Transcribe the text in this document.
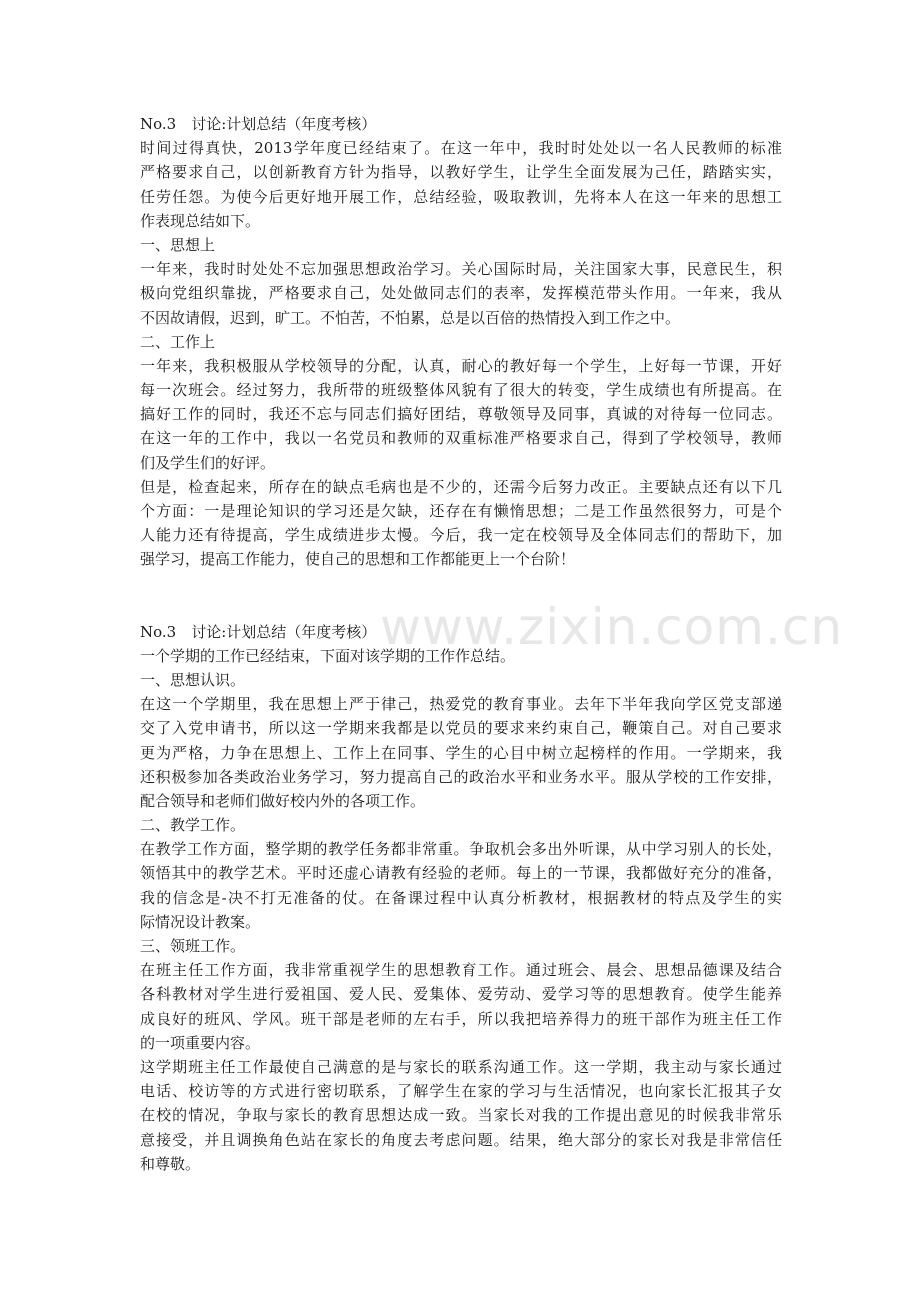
www.zixin.com.cn
No.3　讨论:计划总结（年度考核）
时间过得真快，2013学年度已经结束了。在这一年中，我时时处处以一名人民教师的标准
严格要求自己，以创新教育方针为指导，以教好学生，让学生全面发展为己任，踏踏实实，
任劳任怨。为使今后更好地开展工作，总结经验，吸取教训，先将本人在这一年来的思想工
作表现总结如下。
一、思想上
一年来，我时时处处不忘加强思想政治学习。关心国际时局，关注国家大事，民意民生，积
极向党组织靠拢，严格要求自己，处处做同志们的表率，发挥模范带头作用。一年来，我从
不因故请假，迟到，旷工。不怕苦，不怕累，总是以百倍的热情投入到工作之中。
二、工作上
一年来，我积极服从学校领导的分配，认真，耐心的教好每一个学生，上好每一节课，开好
每一次班会。经过努力，我所带的班级整体风貌有了很大的转变，学生成绩也有所提高。在
搞好工作的同时，我还不忘与同志们搞好团结，尊敬领导及同事，真诚的对待每一位同志。
在这一年的工作中，我以一名党员和教师的双重标准严格要求自己，得到了学校领导，教师
们及学生们的好评。
但是，检查起来，所存在的缺点毛病也是不少的，还需今后努力改正。主要缺点还有以下几
个方面：一是理论知识的学习还是欠缺，还存在有懒惰思想；二是工作虽然很努力，可是个
人能力还有待提高，学生成绩进步太慢。今后，我一定在校领导及全体同志们的帮助下，加
强学习，提高工作能力，使自己的思想和工作都能更上一个台阶！
No.3　讨论:计划总结（年度考核）
一个学期的工作已经结束，下面对该学期的工作作总结。
一、思想认识。
在这一个学期里，我在思想上严于律己，热爱党的教育事业。去年下半年我向学区党支部递
交了入党申请书，所以这一学期来我都是以党员的要求来约束自己，鞭策自己。对自己要求
更为严格，力争在思想上、工作上在同事、学生的心目中树立起榜样的作用。一学期来，我
还积极参加各类政治业务学习，努力提高自己的政治水平和业务水平。服从学校的工作安排，
配合领导和老师们做好校内外的各项工作。
二、教学工作。
在教学工作方面，整学期的教学任务都非常重。争取机会多出外听课，从中学习别人的长处，
领悟其中的教学艺术。平时还虚心请教有经验的老师。每上的一节课，我都做好充分的准备，
我的信念是-决不打无准备的仗。在备课过程中认真分析教材，根据教材的特点及学生的实
际情况设计教案。
三、领班工作。
在班主任工作方面，我非常重视学生的思想教育工作。通过班会、晨会、思想品德课及结合
各科教材对学生进行爱祖国、爱人民、爱集体、爱劳动、爱学习等的思想教育。使学生能养
成良好的班风、学风。班干部是老师的左右手，所以我把培养得力的班干部作为班主任工作
的一项重要内容。
这学期班主任工作最使自己满意的是与家长的联系沟通工作。这一学期，我主动与家长通过
电话、校访等的方式进行密切联系，了解学生在家的学习与生活情况，也向家长汇报其子女
在校的情况，争取与家长的教育思想达成一致。当家长对我的工作提出意见的时候我非常乐
意接受，并且调换角色站在家长的角度去考虑问题。结果，绝大部分的家长对我是非常信任
和尊敬。
